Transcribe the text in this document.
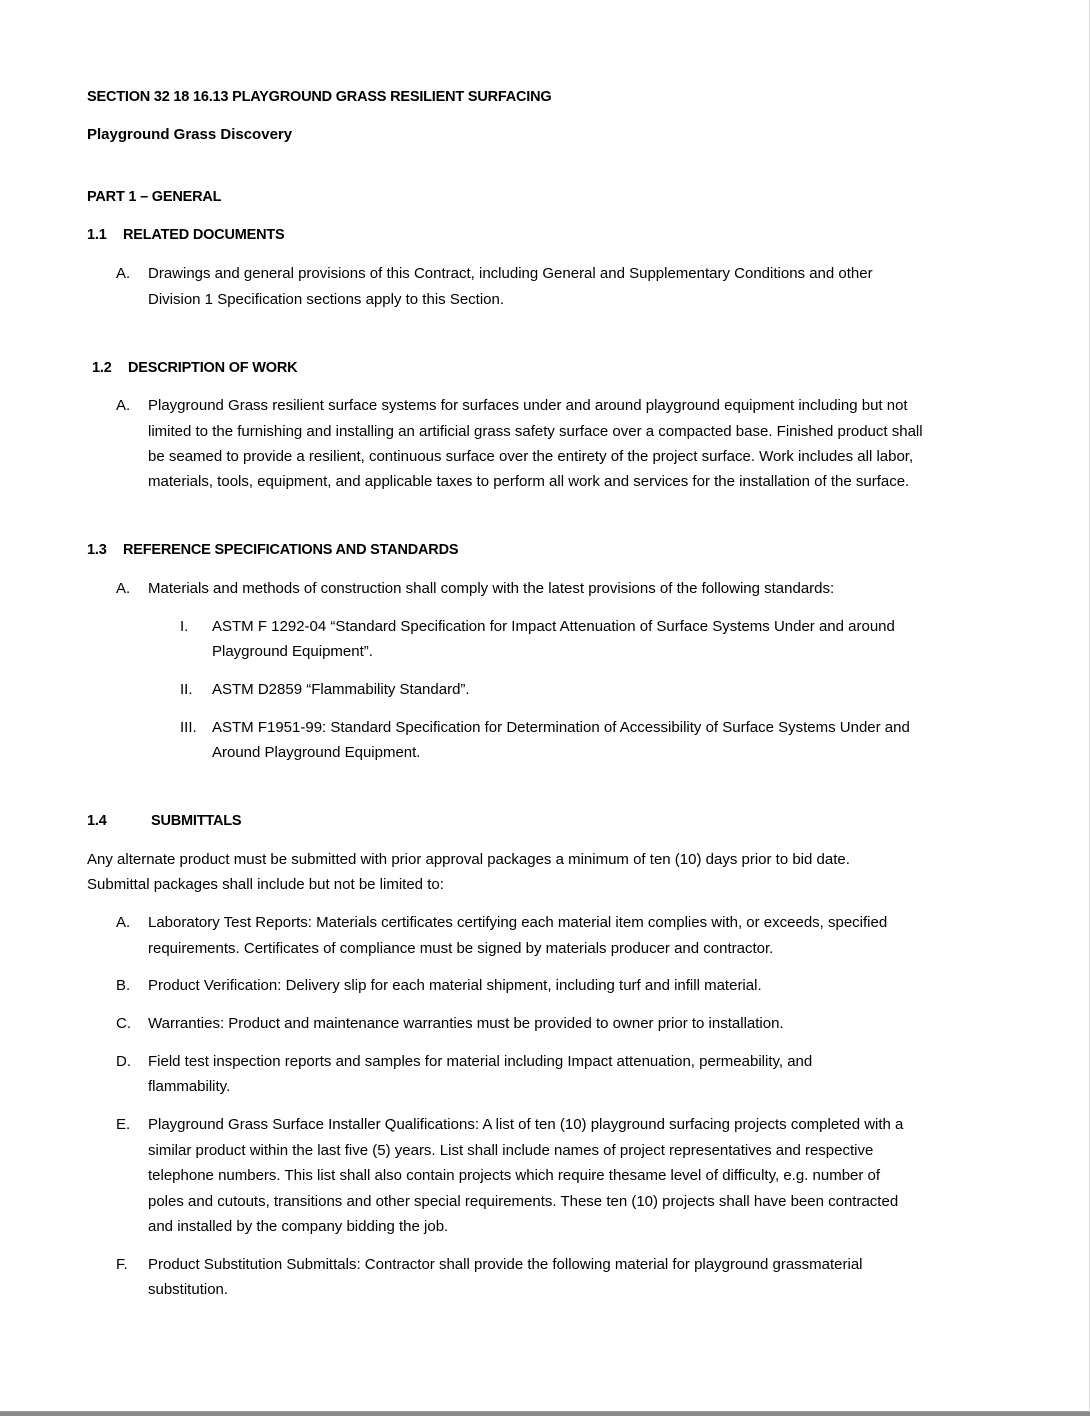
SECTION 32 18 16.13 PLAYGROUND GRASS RESILIENT SURFACING
Playground Grass Discovery
PART 1 – GENERAL
1.1 RELATED DOCUMENTS
A. Drawings and general provisions of this Contract, including General and Supplementary Conditions and other
Division 1 Specification sections apply to this Section.
1.2 DESCRIPTION OF WORK
A. Playground Grass resilient surface systems for surfaces under and around playground equipment including but not
limited to the furnishing and installing an artificial grass safety surface over a compacted base. Finished product shall
be seamed to provide a resilient, continuous surface over the entirety of the project surface. Work includes all labor,
materials, tools, equipment, and applicable taxes to perform all work and services for the installation of the surface.
1.3 REFERENCE SPECIFICATIONS AND STANDARDS
A. Materials and methods of construction shall comply with the latest provisions of the following standards:
I. ASTM F 1292-04 “Standard Specification for Impact Attenuation of Surface Systems Under and around
Playground Equipment”.
II. ASTM D2859 “Flammability Standard”.
III. ASTM F1951-99: Standard Specification for Determination of Accessibility of Surface Systems Under and
Around Playground Equipment.
1.4	SUBMITTALS
Any alternate product must be submitted with prior approval packages a minimum of ten (10) days prior to bid date.
Submittal packages shall include but not be limited to:
A. Laboratory Test Reports: Materials certificates certifying each material item complies with, or exceeds, specified
requirements. Certificates of compliance must be signed by materials producer and contractor.
B. Product Verification: Delivery slip for each material shipment, including turf and infill material.
C. Warranties: Product and maintenance warranties must be provided to owner prior to installation.
D. Field test inspection reports and samples for material including Impact attenuation, permeability, and
flammability.
E. Playground Grass Surface Installer Qualifications: A list of ten (10) playground surfacing projects completed with a
similar product within the last five (5) years. List shall include names of project representatives and respective
telephone numbers. This list shall also contain projects which require thesame level of difficulty, e.g. number of
poles and cutouts, transitions and other special requirements. These ten (10) projects shall have been contracted
and installed by the company bidding the job.
F. Product Substitution Submittals: Contractor shall provide the following material for playground grassmaterial
substitution.
